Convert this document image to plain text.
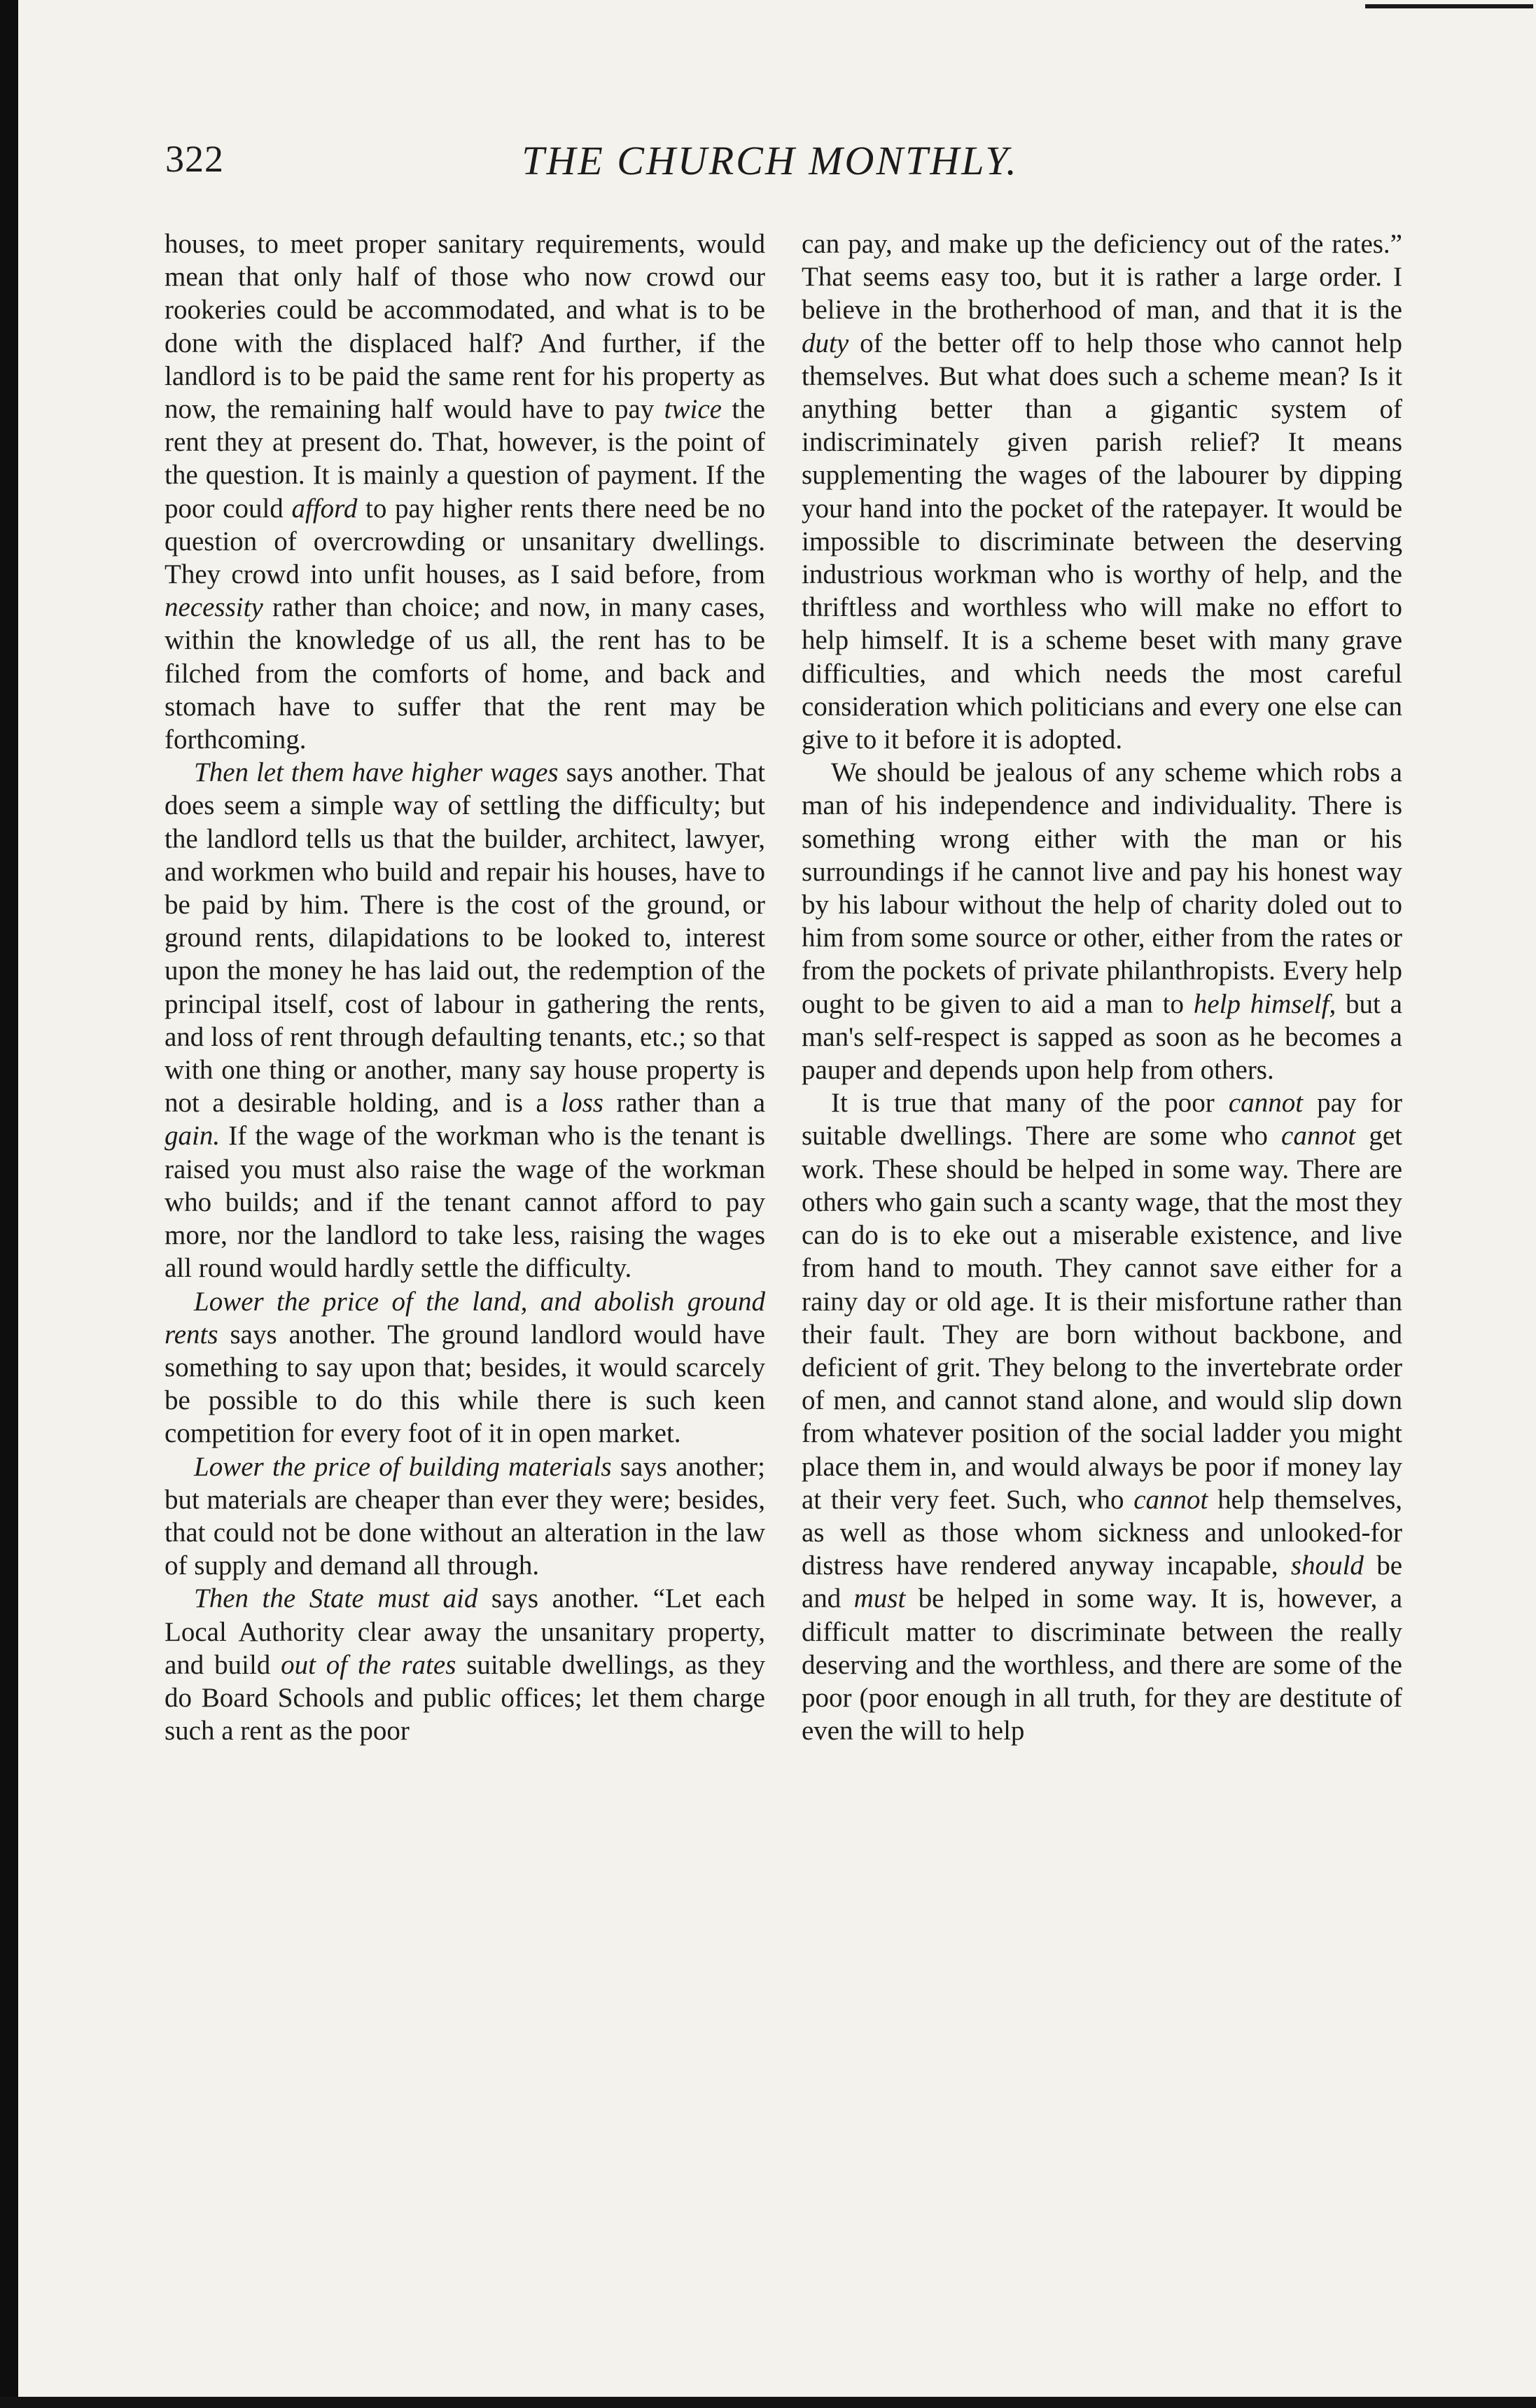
322	THE CHURCH MONTHLY.

houses, to meet proper sanitary requirements, would mean that only half of those who now crowd our rookeries could be accommodated, and what is to be done with the displaced half? And further, if the landlord is to be paid the same rent for his property as now, the remaining half would have to pay twice the rent they at present do. That, however, is the point of the question. It is mainly a question of payment. If the poor could afford to pay higher rents there need be no question of overcrowding or unsanitary dwellings. They crowd into unfit houses, as I said before, from necessity rather than choice; and now, in many cases, within the knowledge of us all, the rent has to be filched from the comforts of home, and back and stomach have to suffer that the rent may be forthcoming.

Then let them have higher wages says another. That does seem a simple way of settling the difficulty; but the landlord tells us that the builder, architect, lawyer, and workmen who build and repair his houses, have to be paid by him. There is the cost of the ground, or ground rents, dilapidations to be looked to, interest upon the money he has laid out, the redemption of the principal itself, cost of labour in gathering the rents, and loss of rent through defaulting tenants, etc.; so that with one thing or another, many say house property is not a desirable holding, and is a loss rather than a gain. If the wage of the workman who is the tenant is raised you must also raise the wage of the workman who builds; and if the tenant cannot afford to pay more, nor the landlord to take less, raising the wages all round would hardly settle the difficulty.

Lower the price of the land, and abolish ground rents says another. The ground landlord would have something to say upon that; besides, it would scarcely be possible to do this while there is such keen competition for every foot of it in open market.

Lower the price of building materials says another; but materials are cheaper than ever they were; besides, that could not be done without an alteration in the law of supply and demand all through.

Then the State must aid says another. “Let each Local Authority clear away the unsanitary property, and build out of the rates suitable dwellings, as they do Board Schools and public offices; let them charge such a rent as the poor

can pay, and make up the deficiency out of the rates.” That seems easy too, but it is rather a large order. I believe in the brotherhood of man, and that it is the duty of the better off to help those who cannot help themselves. But what does such a scheme mean? Is it anything better than a gigantic system of indiscriminately given parish relief? It means supplementing the wages of the labourer by dipping your hand into the pocket of the ratepayer. It would be impossible to discriminate between the deserving industrious workman who is worthy of help, and the thriftless and worthless who will make no effort to help himself. It is a scheme beset with many grave difficulties, and which needs the most careful consideration which politicians and every one else can give to it before it is adopted.

We should be jealous of any scheme which robs a man of his independence and individuality. There is something wrong either with the man or his surroundings if he cannot live and pay his honest way by his labour without the help of charity doled out to him from some source or other, either from the rates or from the pockets of private philanthropists. Every help ought to be given to aid a man to help himself, but a man's self-respect is sapped as soon as he becomes a pauper and depends upon help from others.

It is true that many of the poor cannot pay for suitable dwellings. There are some who cannot get work. These should be helped in some way. There are others who gain such a scanty wage, that the most they can do is to eke out a miserable existence, and live from hand to mouth. They cannot save either for a rainy day or old age. It is their misfortune rather than their fault. They are born without backbone, and deficient of grit. They belong to the invertebrate order of men, and cannot stand alone, and would slip down from whatever position of the social ladder you might place them in, and would always be poor if money lay at their very feet. Such, who cannot help themselves, as well as those whom sickness and unlooked-for distress have rendered anyway incapable, should be and must be helped in some way. It is, however, a difficult matter to discriminate between the really deserving and the worthless, and there are some of the poor (poor enough in all truth, for they are destitute of even the will to help
